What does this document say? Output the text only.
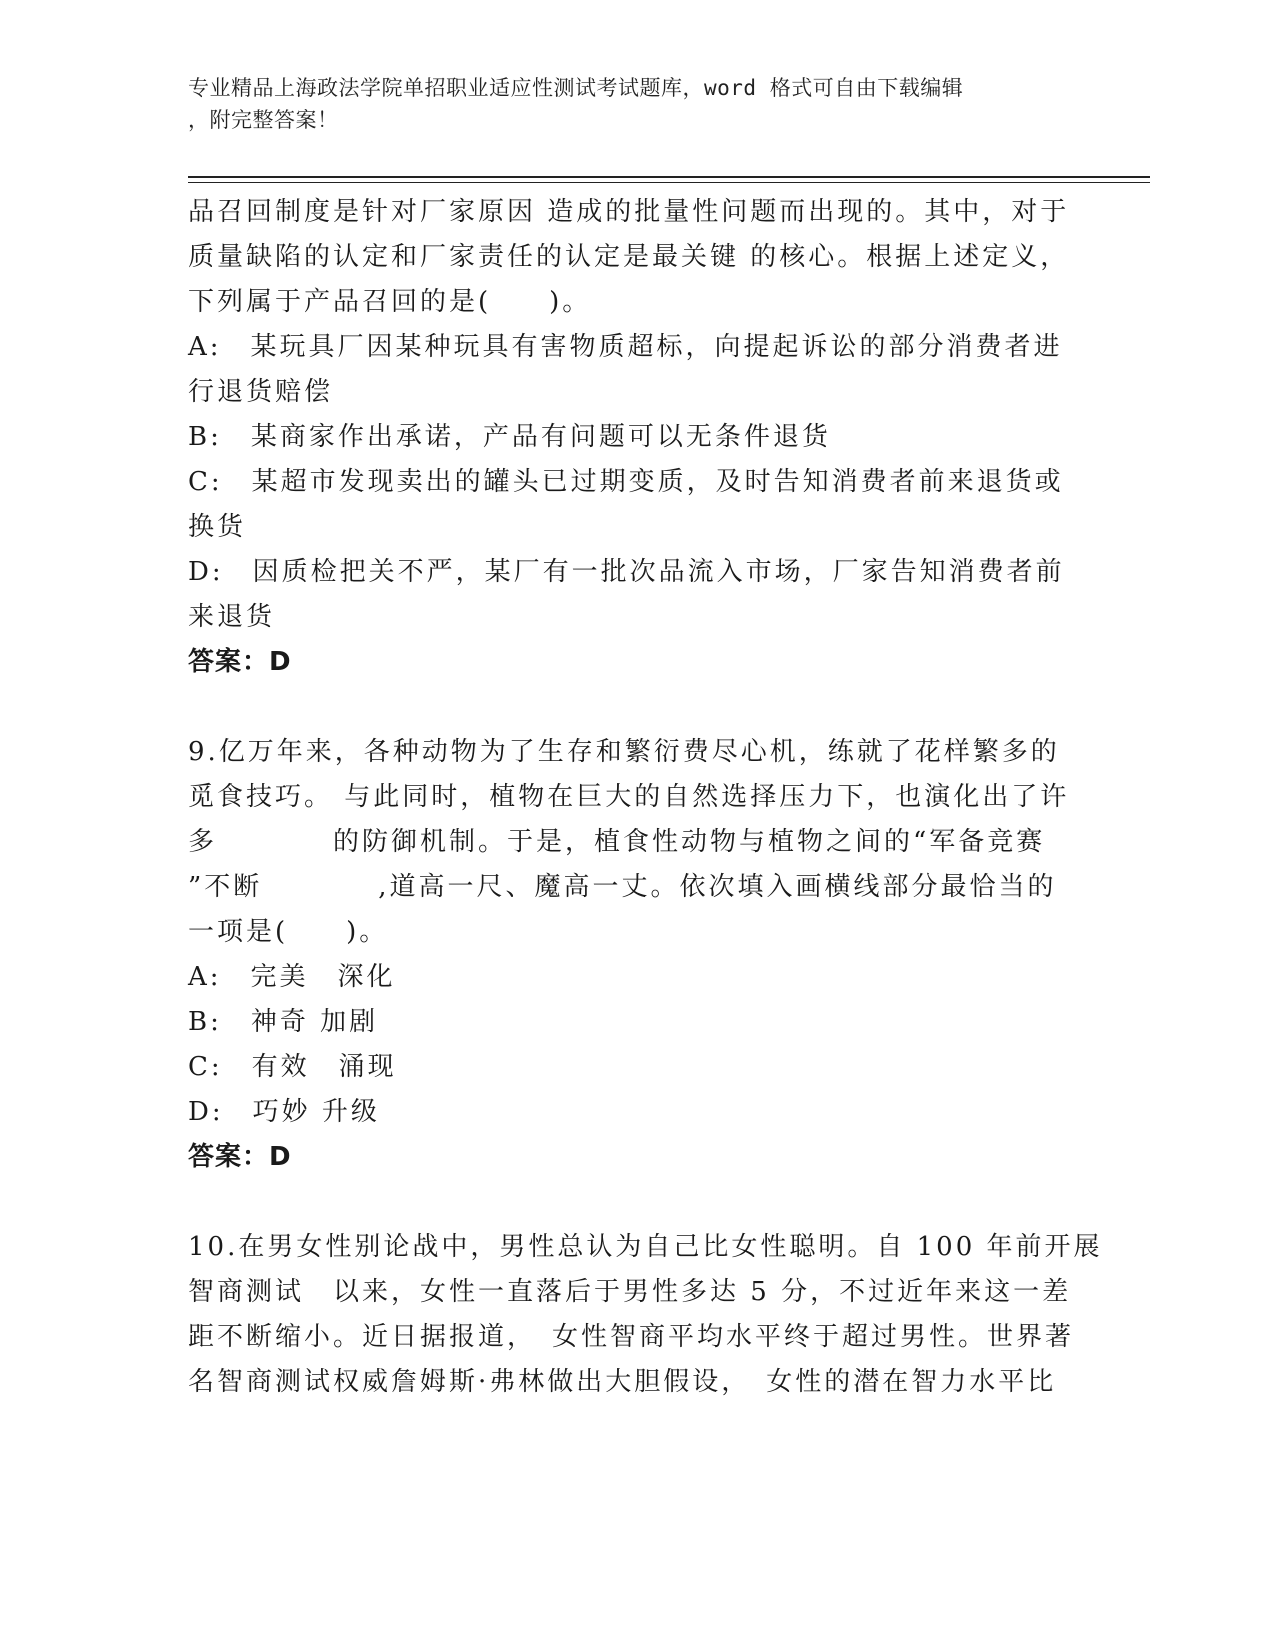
专业精品上海政法学院单招职业适应性测试考试题库，word 格式可自由下载编辑
，附完整答案！
品召回制度是针对厂家原因 造成的批量性问题而出现的。其中，对于
质量缺陷的认定和厂家责任的认定是最关键 的核心。根据上述定义，
下列属于产品召回的是(　　)。
A:　某玩具厂因某种玩具有害物质超标，向提起诉讼的部分消费者进
行退货赔偿
B:　某商家作出承诺，产品有问题可以无条件退货
C:　某超市发现卖出的罐头已过期变质，及时告知消费者前来退货或
换货
D:　因质检把关不严，某厂有一批次品流入市场，厂家告知消费者前
来退货
答案：D
9.亿万年来，各种动物为了生存和繁衍费尽心机，练就了花样繁多的
觅食技巧。 与此同时，植物在巨大的自然选择压力下，也演化出了许
多　　　　的防御机制。于是，植食性动物与植物之间的“军备竞赛
”不断　　　　,道高一尺、魔高一丈。依次填入画横线部分最恰当的
一项是(　　)。
A:　完美　深化
B:　神奇 加剧
C:　有效　涌现
D:　巧妙 升级
答案：D
10.在男女性别论战中，男性总认为自己比女性聪明。自 100 年前开展
智商测试　以来，女性一直落后于男性多达 5 分，不过近年来这一差
距不断缩小。近日据报道，　女性智商平均水平终于超过男性。世界著
名智商测试权威詹姆斯·弗林做出大胆假设，　女性的潜在智力水平比
